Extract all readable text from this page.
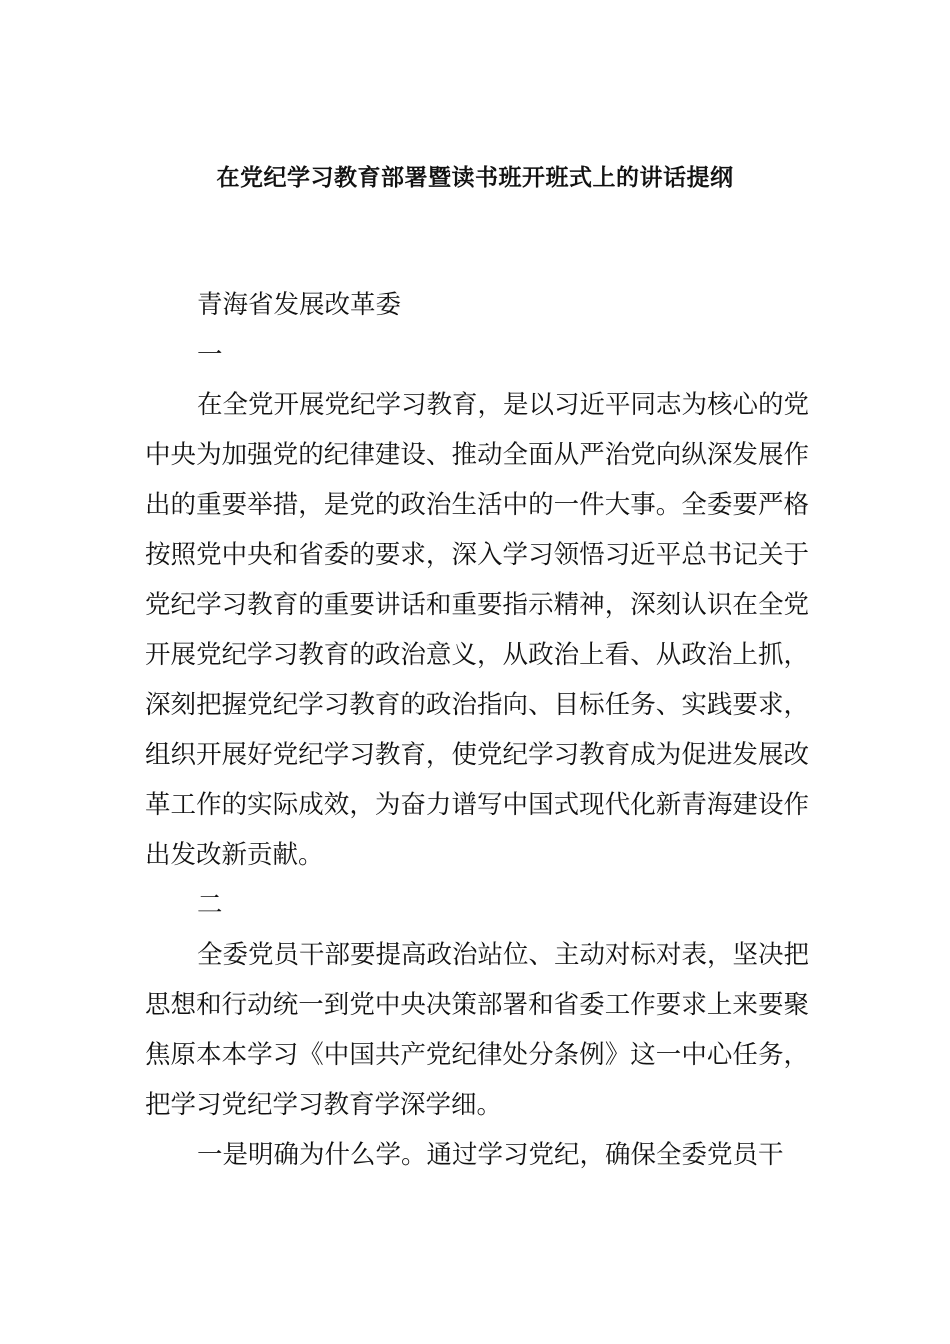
在党纪学习教育部署暨读书班开班式上的讲话提纲

青海省发展改革委

一

在全党开展党纪学习教育，是以习近平同志为核心的党中央为加强党的纪律建设、推动全面从严治党向纵深发展作出的重要举措，是党的政治生活中的一件大事。全委要严格按照党中央和省委的要求，深入学习领悟习近平总书记关于党纪学习教育的重要讲话和重要指示精神，深刻认识在全党开展党纪学习教育的政治意义，从政治上看、从政治上抓，深刻把握党纪学习教育的政治指向、目标任务、实践要求，组织开展好党纪学习教育，使党纪学习教育成为促进发展改革工作的实际成效，为奋力谱写中国式现代化新青海建设作出发改新贡献。

二

全委党员干部要提高政治站位、主动对标对表，坚决把思想和行动统一到党中央决策部署和省委工作要求上来要聚焦原本本学习《中国共产党纪律处分条例》这一中心任务，把学习党纪学习教育学深学细。

一是明确为什么学。通过学习党纪，确保全委党员干
